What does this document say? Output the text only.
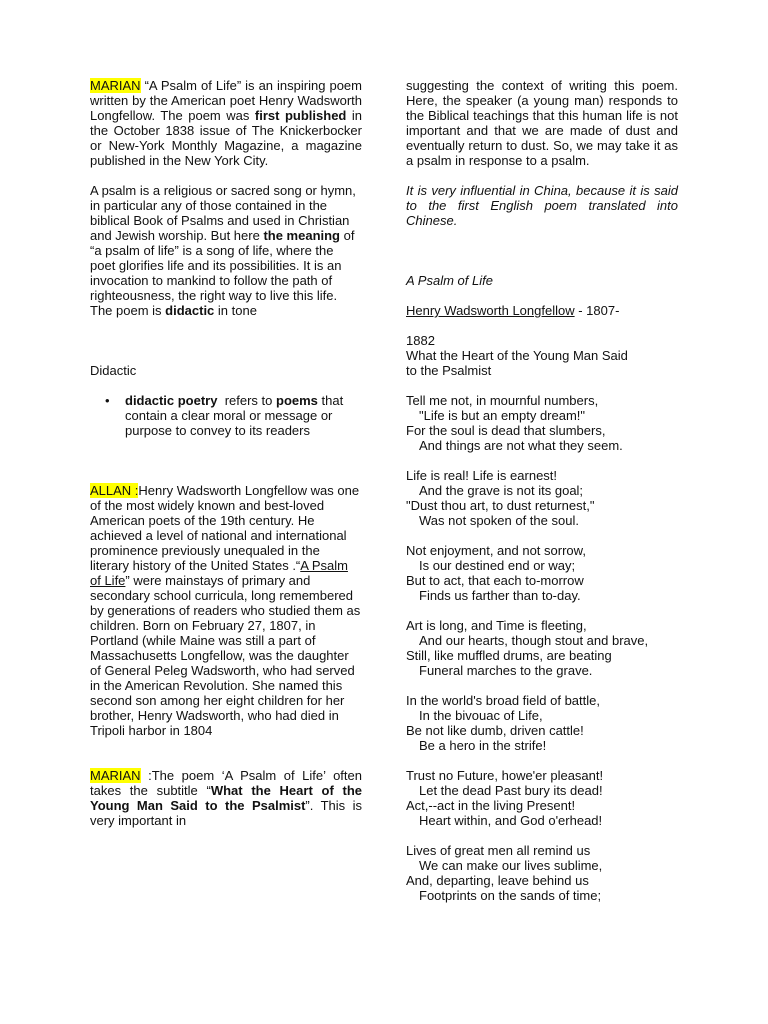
MARIAN “A Psalm of Life” is an inspiring poem written by the American poet Henry Wadsworth Longfellow. The poem was first published in the October 1838 issue of The Knickerbocker or New-York Monthly Magazine, a magazine published in the New York City.

A psalm is a religious or sacred song or hymn, in particular any of those contained in the biblical Book of Psalms and used in Christian and Jewish worship. But here the meaning of “a psalm of life” is a song of life, where the poet glorifies life and its possibilities. It is an invocation to mankind to follow the path of righteousness, the right way to live this life. The poem is didactic in tone

Didactic

•	didactic poetry  refers to poems that contain a clear moral or message or purpose to convey to its readers

ALLAN :Henry Wadsworth Longfellow was one of the most widely known and best-loved American poets of the 19th century. He achieved a level of national and international prominence previously unequaled in the literary history of the United States .“A Psalm of Life” were mainstays of primary and secondary school curricula, long remembered by generations of readers who studied them as children. Born on February 27, 1807, in Portland (while Maine was still a part of Massachusetts Longfellow, was the daughter of General Peleg Wadsworth, who had served in the American Revolution. She named this second son among her eight children for her brother, Henry Wadsworth, who had died in Tripoli harbor in 1804

MARIAN :The poem ‘A Psalm of Life’ often takes the subtitle “What the Heart of the Young Man Said to the Psalmist”. This is very important in

suggesting the context of writing this poem. Here, the speaker (a young man) responds to the Biblical teachings that this human life is not important and that we are made of dust and eventually return to dust. So, we may take it as a psalm in response to a psalm.

It is very influential in China, because it is said to the first English poem translated into Chinese.

A Psalm of Life

Henry Wadsworth Longfellow - 1807-

1882

What the Heart of the Young Man Said

to the Psalmist

Tell me not, in mournful numbers,
"Life is but an empty dream!"
For the soul is dead that slumbers,
And things are not what they seem.
Life is real! Life is earnest!
And the grave is not its goal;
"Dust thou art, to dust returnest,"
Was not spoken of the soul.
Not enjoyment, and not sorrow,
Is our destined end or way;
But to act, that each to-morrow
Finds us farther than to-day.
Art is long, and Time is fleeting,
And our hearts, though stout and brave,
Still, like muffled drums, are beating
Funeral marches to the grave.
In the world's broad field of battle,
In the bivouac of Life,
Be not like dumb, driven cattle!
Be a hero in the strife!
Trust no Future, howe'er pleasant!
Let the dead Past bury its dead!
Act,--act in the living Present!
Heart within, and God o'erhead!
Lives of great men all remind us
We can make our lives sublime,
And, departing, leave behind us
Footprints on the sands of time;
